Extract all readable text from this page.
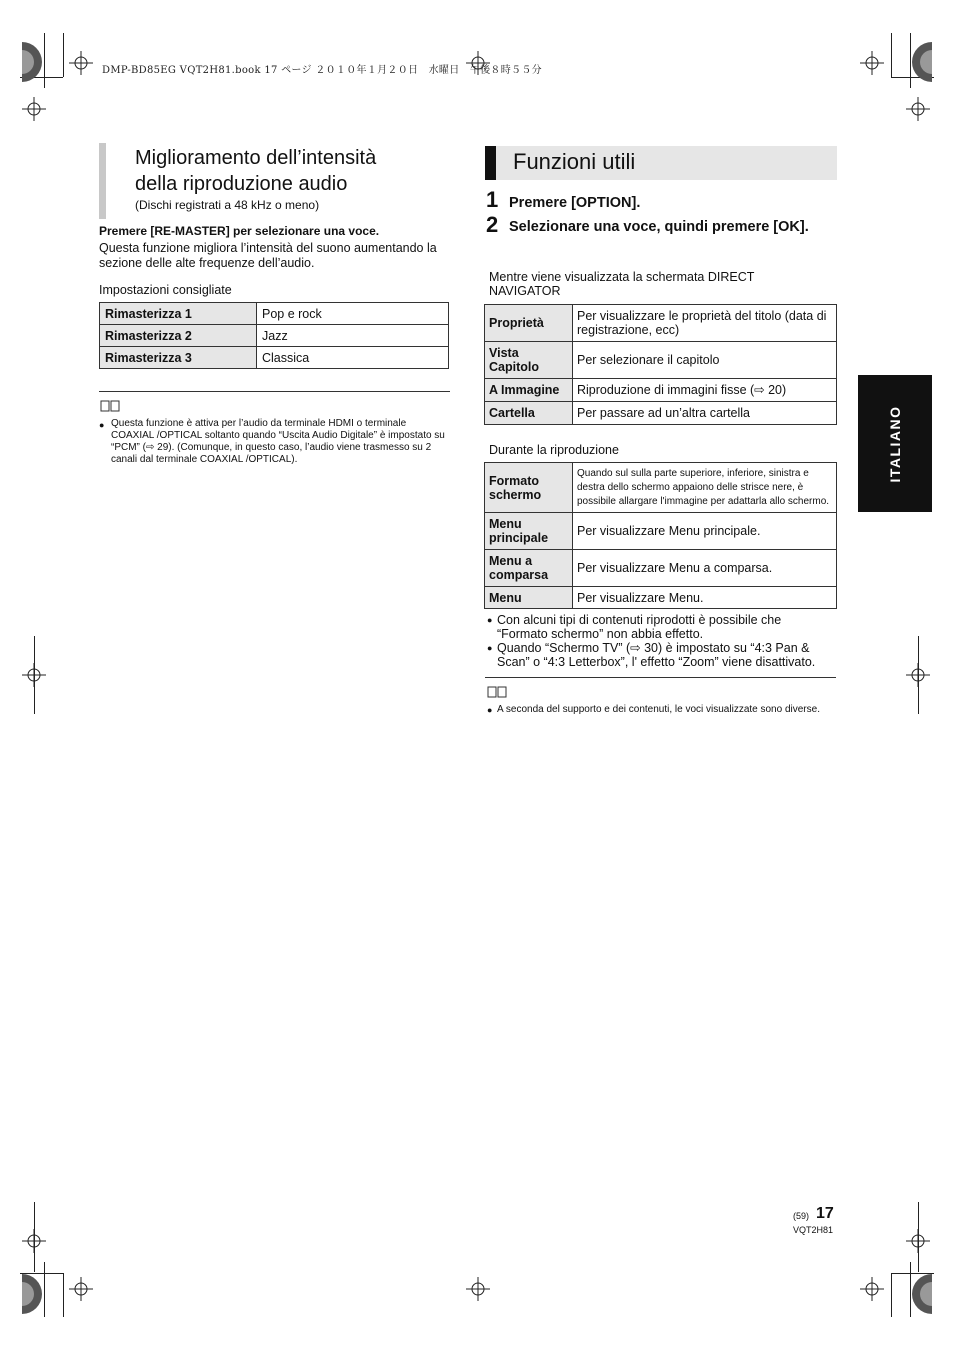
DMP-BD85EG VQT2H81.book 17 ページ ２０１０年１月２０日　水曜日　午後８時５５分
Miglioramento dell’intensità
della riproduzione audio
(Dischi registrati a 48 kHz o meno)
Premere [RE-MASTER] per selezionare una voce.
Questa funzione migliora l’intensità del suono aumentando la sezione delle alte frequenze dell’audio.
Impostazioni consigliate
Rimasterizza 1	Pop e rock
Rimasterizza 2	Jazz
Rimasterizza 3	Classica
● Questa funzione è attiva per l’audio da terminale HDMI o terminale COAXIAL /OPTICAL soltanto quando “Uscita Audio Digitale” è impostato su “PCM” (⇨ 29). (Comunque, in questo caso, l’audio viene trasmesso su 2 canali dal terminale COAXIAL /OPTICAL).
Funzioni utili
1 Premere [OPTION].
2 Selezionare una voce, quindi premere [OK].
Mentre viene visualizzata la schermata DIRECT NAVIGATOR
Proprietà	Per visualizzare le proprietà del titolo (data di registrazione, ecc)
Vista Capitolo	Per selezionare il capitolo
A Immagine	Riproduzione di immagini fisse (⇨ 20)
Cartella	Per passare ad un’altra cartella
Durante la riproduzione
Formato schermo	Quando sul sulla parte superiore, inferiore, sinistra e destra dello schermo appaiono delle strisce nere, è possibile allargare l'immagine per adattarla allo schermo.
Menu principale	Per visualizzare Menu principale.
Menu a comparsa	Per visualizzare Menu a comparsa.
Menu	Per visualizzare Menu.
● Con alcuni tipi di contenuti riprodotti è possibile che “Formato schermo” non abbia effetto.
● Quando “Schermo TV” (⇨ 30) è impostato su “4:3 Pan & Scan” o “4:3 Letterbox”, l' effetto “Zoom” viene disattivato.
● A seconda del supporto e dei contenuti, le voci visualizzate sono diverse.
ITALIANO
(59) 17
VQT2H81
